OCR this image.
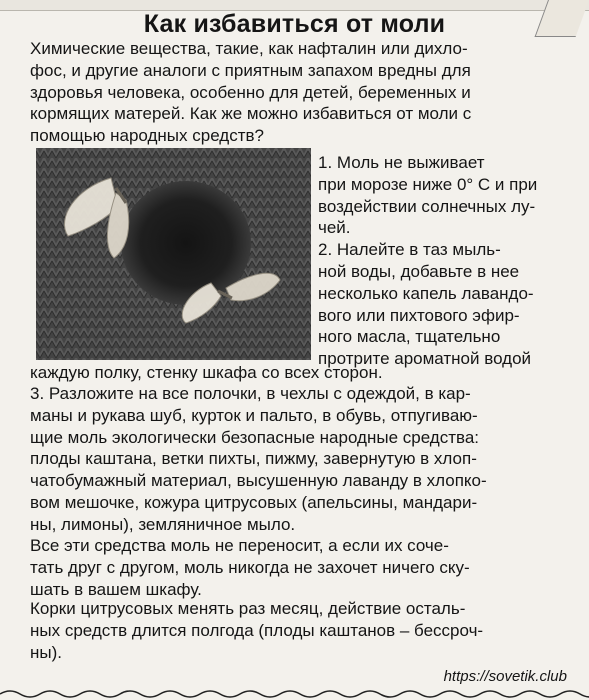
Как избавиться от моли
Химические вещества, такие, как нафталин или дихло-
фос, и другие аналоги с приятным запахом вредны для
здоровья человека, особенно для детей, беременных и
кормящих матерей. Как же можно избавиться от моли с
помощью народных средств?
1. Моль не выживает
при морозе ниже 0° С и при
воздействии солнечных лу-
чей.
2. Налейте в таз мыль-
ной воды, добавьте в нее
несколько капель лавандо-
вого или пихтового эфир-
ного масла, тщательно
протрите ароматной водой
каждую полку, стенку шкафа со всех сторон.
3. Разложите на все полочки, в чехлы с одеждой, в кар-
маны и рукава шуб, курток и пальто, в обувь, отпугиваю-
щие моль экологически безопасные народные средства:
плоды каштана, ветки пихты, пижму, завернутую в хлоп-
чатобумажный материал, высушенную лаванду в хлопко-
вом мешочке, кожура цитрусовых (апельсины, мандари-
ны, лимоны), земляничное мыло.
Все эти средства моль не переносит, а если их сочe-
тать друг с другом, моль никогда не захочет ничего ску-
шать в вашем шкафу.
Корки цитрусовых менять раз месяц, действие осталь-
ных средств длится полгода (плоды каштанов – бессроч-
ны).
https://sovetik.club
